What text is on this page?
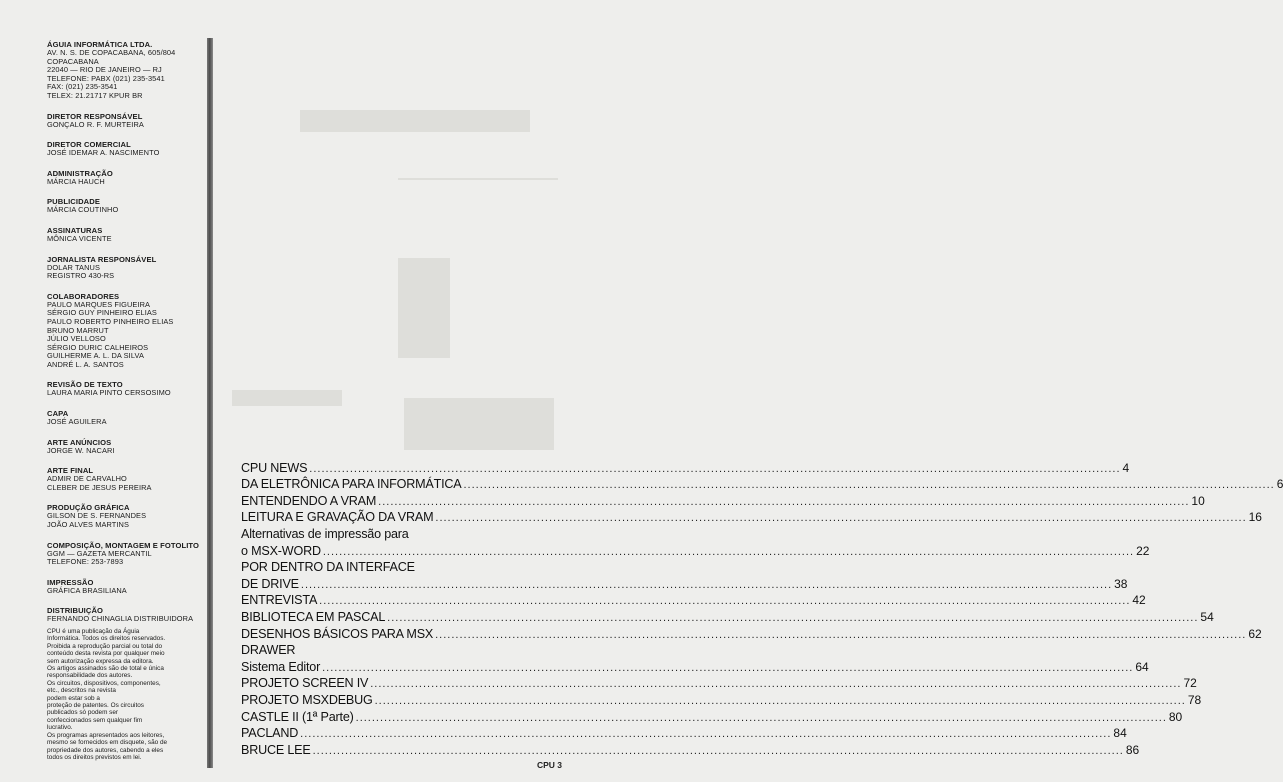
ÁGUIA INFORMÁTICA LTDA.
AV. N. S. DE COPACABANA, 605/804
COPACABANA
22040 — RIO DE JANEIRO — RJ
TELEFONE: PABX (021) 235-3541
FAX: (021) 235-3541
TELEX: 21.21717 KPUR BR
DIRETOR RESPONSÁVEL
GONÇALO R. F. MURTEIRA
DIRETOR COMERCIAL
JOSÉ IDEMAR A. NASCIMENTO
ADMINISTRAÇÃO
MÁRCIA HAUCH
PUBLICIDADE
MÁRCIA COUTINHO
ASSINATURAS
MÔNICA VICENTE
JORNALISTA RESPONSÁVEL
DOLAR TANUS
REGISTRO 430-RS
COLABORADORES
PAULO MARQUES FIGUEIRA
SÉRGIO GUY PINHEIRO ELIAS
PAULO ROBERTO PINHEIRO ELIAS
BRUNO MARRUT
JÚLIO VELLOSO
SÉRGIO DURIC CALHEIROS
GUILHERME A. L. DA SILVA
ANDRÉ L. A. SANTOS
REVISÃO DE TEXTO
LAURA MARIA PINTO CERSOSIMO
CAPA
JOSÉ AGUILERA
ARTE ANÚNCIOS
JORGE W. NACARI
ARTE FINAL
ADMIR DE CARVALHO
CLEBER DE JESUS PEREIRA
PRODUÇÃO GRÁFICA
GILSON DE S. FERNANDES
JOÃO ALVES MARTINS
COMPOSIÇÃO, MONTAGEM E FOTOLITO
GGM — GAZETA MERCANTIL
TELEFONE: 253-7893
IMPRESSÃO
GRÁFICA BRASILIANA
DISTRIBUIÇÃO
FERNANDO CHINAGLIA DISTRIBUIDORA
CPU é uma publicação da Águia
Informática. Todos os direitos reservados.
Proibida a reprodução parcial ou total do
conteúdo desta revista por qualquer meio
sem autorização expressa da editora.
Os artigos assinados são de total e única
responsabilidade dos autores.
Os circuitos, dispositivos, componentes,
etc., descritos na revista
podem estar sob a
proteção de patentes. Os circuitos
publicados só podem ser
confeccionados sem qualquer fim
lucrativo.
Os programas apresentados aos leitores,
mesmo se fornecidos em disquete, são de
propriedade dos autores, cabendo a eles
todos os direitos previstos em lei.
CPU NEWS ........................................................................................................................................................................................................ 4
DA ELETRÔNICA PARA INFORMÁTICA ........................................................................................................................................................................................................ 6
ENTENDENDO A VRAM ........................................................................................................................................................................................................ 10
LEITURA E GRAVAÇÃO DA VRAM ........................................................................................................................................................................................................ 16
Alternativas de impressão para
o MSX-WORD ........................................................................................................................................................................................................ 22
POR DENTRO DA INTERFACE
DE DRIVE ........................................................................................................................................................................................................ 38
ENTREVISTA ........................................................................................................................................................................................................ 42
BIBLIOTECA EM PASCAL ........................................................................................................................................................................................................ 54
DESENHOS BÁSICOS PARA MSX ........................................................................................................................................................................................................ 62
DRAWER
Sistema Editor ........................................................................................................................................................................................................ 64
PROJETO SCREEN IV ........................................................................................................................................................................................................ 72
PROJETO MSXDEBUG ........................................................................................................................................................................................................ 78
CASTLE II (1ª Parte) ........................................................................................................................................................................................................ 80
PACLAND ........................................................................................................................................................................................................ 84
BRUCE LEE ........................................................................................................................................................................................................ 86
CPU 3
